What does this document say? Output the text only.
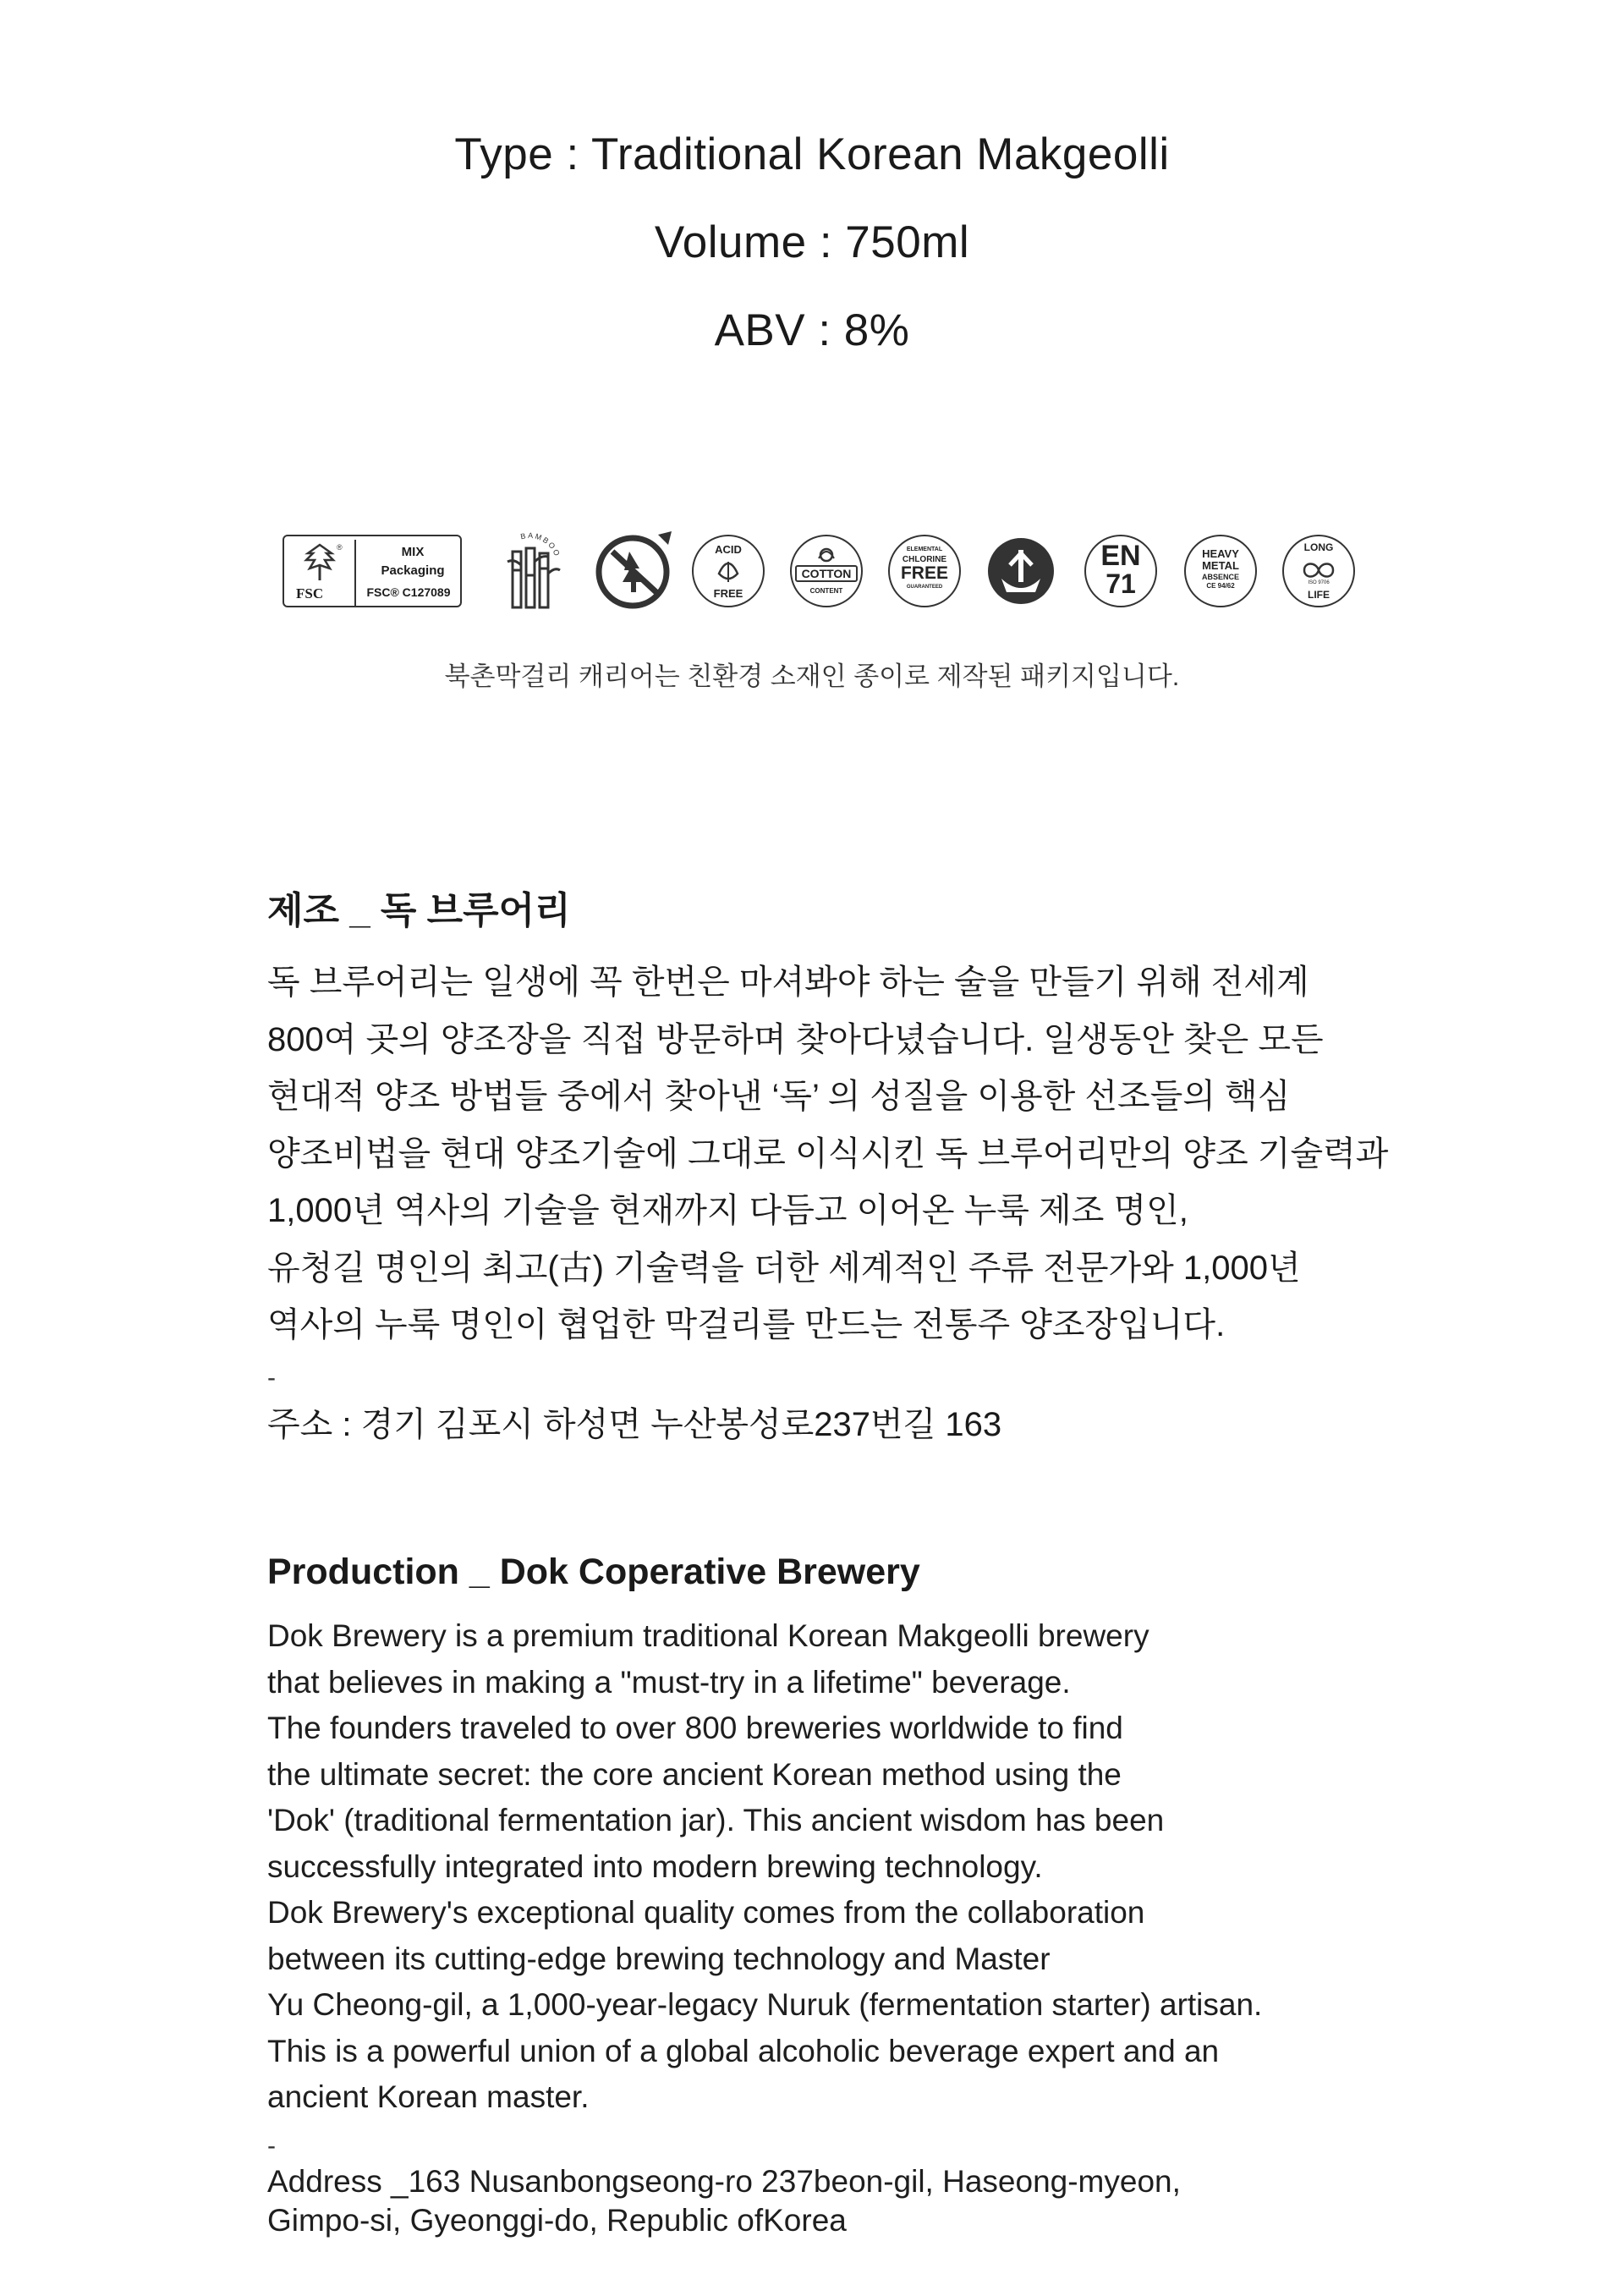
Type : Traditional Korean Makgeolli
Volume : 750ml
ABV : 8%
®
FSC
MIX
Packaging
FSC® C127089
BAMBOO	ACID
FREE
COTTON
CONTENT
ELEMENTAL
CHLORINE
FREE
GUARANTEED
EN
71
HEAVY
METAL
ABSENCE
CE 94/62
LONG
ISO 9706
LIFE
북촌막걸리 캐리어는 친환경 소재인 종이로 제작된 패키지입니다.
제조 _ 독 브루어리
독 브루어리는 일생에 꼭 한번은 마셔봐야 하는 술을 만들기 위해 전세계
800여 곳의 양조장을 직접 방문하며 찾아다녔습니다. 일생동안 찾은 모든
현대적 양조 방법들 중에서 찾아낸 ‘독’ 의 성질을 이용한 선조들의 핵심
양조비법을 현대 양조기술에 그대로 이식시킨 독 브루어리만의 양조 기술력과
1,000년 역사의 기술을 현재까지 다듬고 이어온 누룩 제조 명인,
유청길 명인의 최고(古) 기술력을 더한 세계적인 주류 전문가와 1,000년
역사의 누룩 명인이 협업한 막걸리를 만드는 전통주 양조장입니다.
-
주소 : 경기 김포시 하성면 누산봉성로237번길 163
Production _ Dok Coperative Brewery
Dok Brewery is a premium traditional Korean Makgeolli brewery
that believes in making a "must-try in a lifetime" beverage.
The founders traveled to over 800 breweries worldwide to find
the ultimate secret: the core ancient Korean method using the
'Dok' (traditional fermentation jar). This ancient wisdom has been
successfully integrated into modern brewing technology.
Dok Brewery's exceptional quality comes from the collaboration
between its cutting-edge brewing technology and Master
Yu Cheong-gil, a 1,000-year-legacy Nuruk (fermentation starter) artisan.
This is a powerful union of a global alcoholic beverage expert and an
ancient Korean master.
-
Address _163 Nusanbongseong-ro 237beon-gil, Haseong-myeon,
Gimpo-si, Gyeonggi-do, Republic ofKorea
